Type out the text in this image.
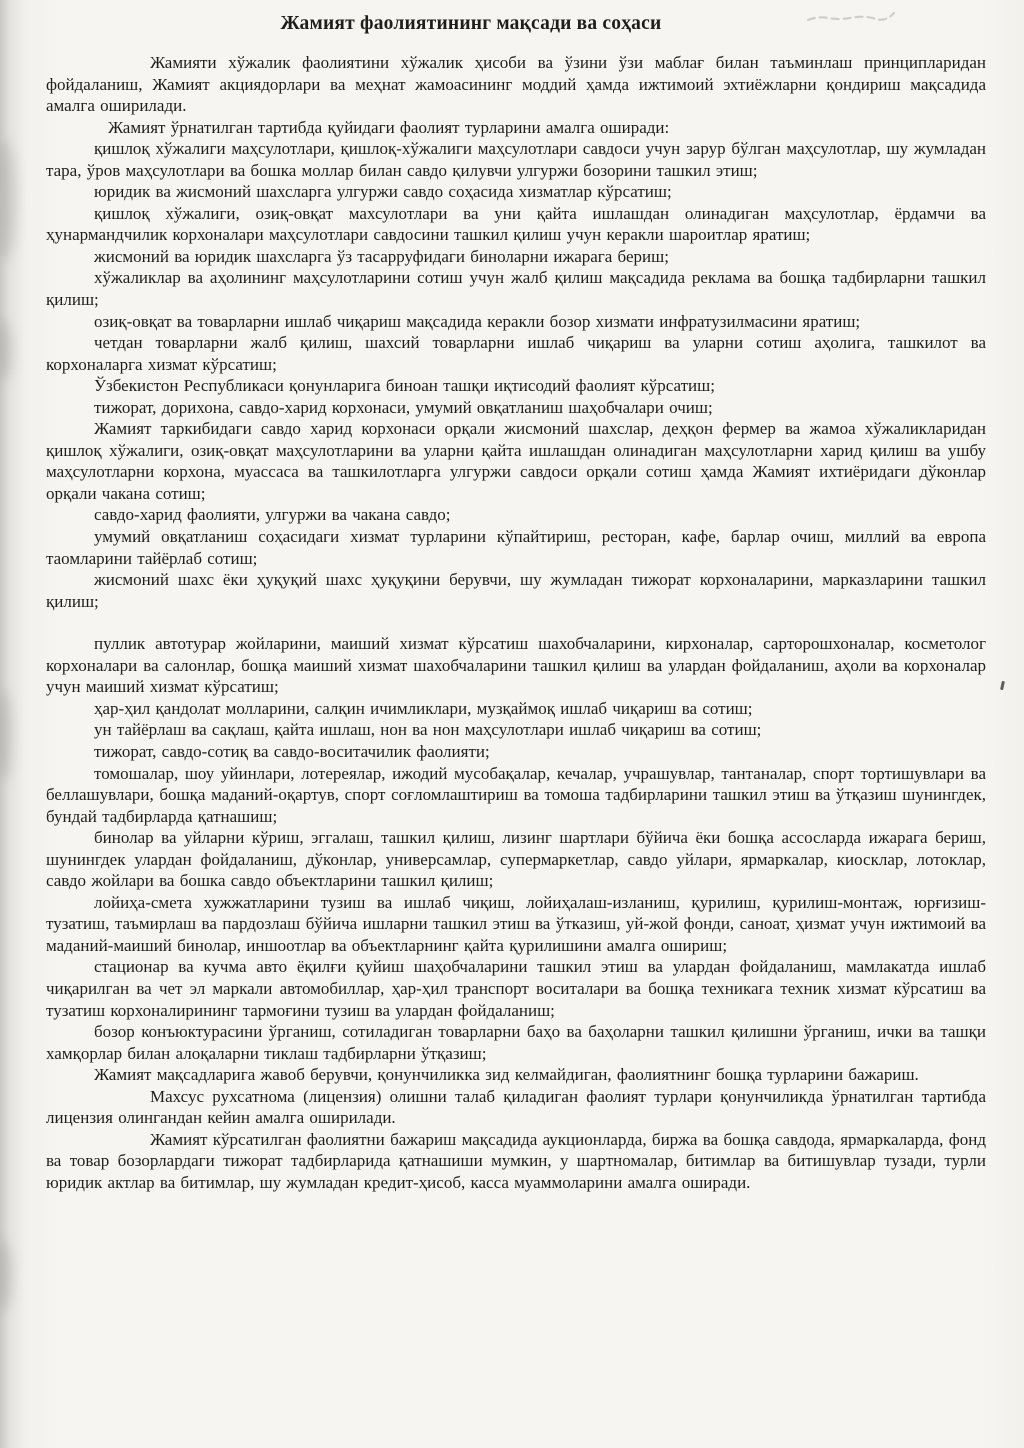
Жамият фаолиятининг мақсади ва соҳаси

Жамияти хўжалик фаолиятини хўжалик ҳисоби ва ўзини ўзи маблағ билан таъминлаш принципларидан фойдаланиш, Жамият акциядорлари ва меҳнат жамоасининг моддий ҳамда ижтимоий эхтиёжларни қондириш мақсадида амалга оширилади.

Жамият ўрнатилган тартибда қуйидаги фаолият турларини амалга оширади:

қишлоқ хўжалиги маҳсулотлари, қишлоқ-хўжалиги маҳсулотлари савдоси учун зарур бўлган маҳсулотлар, шу жумладан тара, ўров маҳсулотлари ва бошка моллар билан савдо қилувчи улгуржи бозорини ташкил этиш;

юридик ва жисмоний шахсларга улгуржи савдо соҳасида хизматлар кўрсатиш;

қишлоқ хўжалиги, озиқ-овқат махсулотлари ва уни қайта ишлашдан олинадиган маҳсулотлар, ёрдамчи ва ҳунармандчилик корхоналари маҳсулотлари савдосини ташкил қилиш учун керакли шароитлар яратиш;

жисмоний ва юридик шахсларга ўз тасарруфидаги биноларни ижарага бериш;

хўжаликлар ва аҳолининг маҳсулотларини сотиш учун жалб қилиш мақсадида реклама ва бошқа тадбирларни ташкил қилиш;

озиқ-овқат ва товарларни ишлаб чиқариш мақсадида керакли бозор хизмати инфратузилмасини яратиш;

четдан товарларни жалб қилиш, шахсий товарларни ишлаб чиқариш ва уларни сотиш аҳолига, ташкилот ва корхоналарга хизмат кўрсатиш;

Ўзбекистон Республикаси қонунларига биноан ташқи иқтисодий фаолият кўрсатиш;

тижорат, дорихона, савдо-харид корхонаси, умумий овқатланиш шаҳобчалари очиш;

Жамият таркибидаги савдо харид корхонаси орқали жисмоний шахслар, деҳқон фермер ва жамоа хўжаликларидан қишлоқ хўжалиги, озиқ-овқат маҳсулотларини ва уларни қайта ишлашдан олинадиган маҳсулотларни харид қилиш ва ушбу маҳсулотларни корхона, муассаса ва ташкилотларга улгуржи савдоси орқали сотиш ҳамда Жамият ихтиёридаги дўконлар орқали чакана сотиш;

савдо-харид фаолияти, улгуржи ва чакана савдо;

умумий овқатланиш соҳасидаги хизмат турларини кўпайтириш, ресторан, кафе, барлар очиш, миллий ва европа таомларини тайёрлаб сотиш;

жисмоний шахс ёки ҳуқуқий шахс ҳуқуқини берувчи, шу жумладан тижорат корхоналарини, марказларини ташкил қилиш;

пуллик автотурар жойларини, маиший хизмат кўрсатиш шахобчаларини, кирхоналар, сарторошхоналар, косметолог корхоналари ва салонлар, бошқа маиший хизмат шахобчаларини ташкил қилиш ва улардан фойдаланиш, аҳоли ва корхоналар учун маиший хизмат кўрсатиш;

ҳар-ҳил қандолат молларини, салқин ичимликлари, музқаймоқ ишлаб чиқариш ва сотиш;

ун тайёрлаш ва сақлаш, қайта ишлаш, нон ва нон маҳсулотлари ишлаб чиқариш ва сотиш;

тижорат, савдо-сотиқ ва савдо-воситачилик фаолияти;

томошалар, шоу уйинлари, лотереялар, ижодий мусобақалар, кечалар, учрашувлар, тантаналар, спорт тортишувлари ва беллашувлари, бошқа маданий-оқартув, спорт соғломлаштириш ва томоша тадбирларини ташкил этиш ва ўтқазиш шунингдек, бундай тадбирларда қатнашиш;

бинолар ва уйларни кўриш, эггалаш, ташкил қилиш, лизинг шартлари бўйича ёки бошқа ассосларда ижарага бериш, шунингдек улардан фойдаланиш, дўконлар, универсамлар, супермаркетлар, савдо уйлари, ярмаркалар, киосклар, лотоклар, савдо жойлари ва бошка савдо объектларини ташкил қилиш;

лойиҳа-смета хужжатларини тузиш ва ишлаб чиқиш, лойиҳалаш-изланиш, қурилиш, қурилиш-монтаж, юрғизиш-тузатиш, таъмирлаш ва пардозлаш бўйича ишларни ташкил этиш ва ўтказиш, уй-жой фонди, саноат, ҳизмат учун ижтимоий ва маданий-маиший бинолар, иншоотлар ва объектларнинг қайта қурилишини амалга ошириш;

стационар ва кучма авто ёқилғи қуйиш шаҳобчаларини ташкил этиш ва улардан фойдаланиш, мамлакатда ишлаб чиқарилган ва чет эл маркали автомобиллар, ҳар-ҳил транспорт воситалари ва бошқа техникага техник хизмат кўрсатиш ва тузатиш корхоналирининг тармоғини тузиш ва улардан фойдаланиш;

бозор конъюктурасини ўрганиш, сотиладиган товарларни баҳо ва баҳоларни ташкил қилишни ўрганиш, ички ва ташқи хамқорлар билан алоқаларни тиклаш тадбирларни ўтқазиш;

Жамият мақсадларига жавоб берувчи, қонунчиликка зид келмайдиган, фаолиятнинг бошқа турларини бажариш.

Махсус рухсатнома (лицензия) олишни талаб қиладиган фаолият турлари қонунчиликда ўрнатилган тартибда лицензия олингандан кейин амалга оширилади.

Жамият кўрсатилган фаолиятни бажариш мақсадида аукционларда, биржа ва бошқа савдода, ярмаркаларда, фонд ва товар бозорлардаги тижорат тадбирларида қатнашиши мумкин, у шартномалар, битимлар ва битишувлар тузади, турли юридик актлар ва битимлар, шу жумладан кредит-ҳисоб, касса муаммоларини амалга оширади.
